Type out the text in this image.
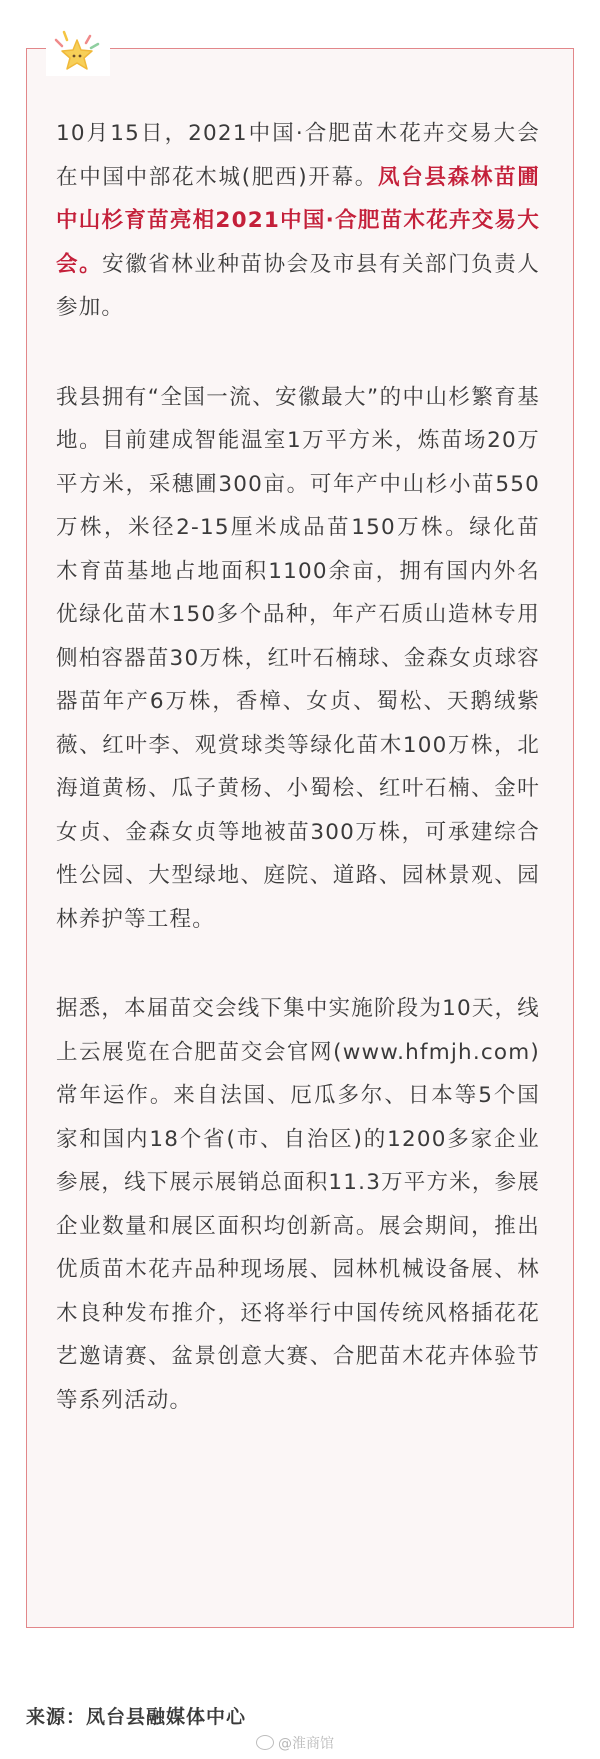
10月15日，2021中国·合肥苗木花卉交易大会在中国中部花木城(肥西)开幕。凤台县森林苗圃中山杉育苗亮相2021中国·合肥苗木花卉交易大会。安徽省林业种苗协会及市县有关部门负责人参加。

我县拥有“全国一流、安徽最大”的中山杉繁育基地。目前建成智能温室1万平方米，炼苗场20万平方米，采穗圃300亩。可年产中山杉小苗550万株，米径2-15厘米成品苗150万株。绿化苗木育苗基地占地面积1100余亩，拥有国内外名优绿化苗木150多个品种，年产石质山造林专用侧柏容器苗30万株，红叶石楠球、金森女贞球容器苗年产6万株，香樟、女贞、蜀松、天鹅绒紫薇、红叶李、观赏球类等绿化苗木100万株，北海道黄杨、瓜子黄杨、小蜀桧、红叶石楠、金叶女贞、金森女贞等地被苗300万株，可承建综合性公园、大型绿地、庭院、道路、园林景观、园林养护等工程。

据悉，本届苗交会线下集中实施阶段为10天，线上云展览在合肥苗交会官网(www.hfmjh.com)常年运作。来自法国、厄瓜多尔、日本等5个国家和国内18个省(市、自治区)的1200多家企业参展，线下展示展销总面积11.3万平方米，参展企业数量和展区面积均创新高。展会期间，推出优质苗木花卉品种现场展、园林机械设备展、林木良种发布推介，还将举行中国传统风格插花花艺邀请赛、盆景创意大赛、合肥苗木花卉体验节等系列活动。

来源：凤台县融媒体中心
@淮商馆
